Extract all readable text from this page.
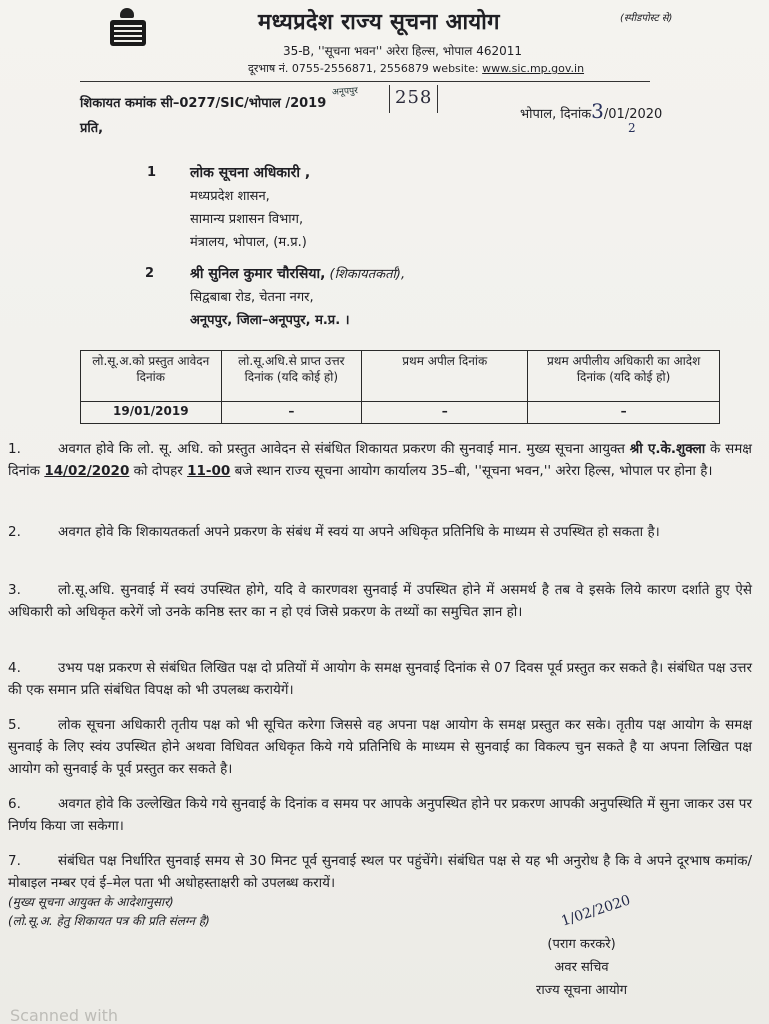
मध्यप्रदेश राज्य सूचना आयोग	(स्पीडपोस्ट से)
35-B, ''सूचना भवन'' अरेरा हिल्स, भोपाल 462011
दूरभाष नं. 0755-2556871, 2556879 website: www.sic.mp.gov.in
शिकायत कमांक सी–0277/SIC/भोपाल /2019
अनूपपुर 258
भोपाल, दिनांक3/01/2020
2
प्रति,
1 लोक सूचना अधिकारी ,
मध्यप्रदेश शासन,
सामान्य प्रशासन विभाग,
मंत्रालय, भोपाल, (म.प्र.)
2	श्री सुनिल कुमार चौरसिया, (शिकायतकर्ता),
सिद्वबाबा रोड, चेतना नगर,
अनूपपुर, जिला–अनूपपुर, म.प्र. ।
लो.सू.अ.को प्रस्तुत आवेदन दिनांक	लो.सू.अधि.से प्राप्त उत्तर दिनांक (यदि कोई हो)	प्रथम अपील दिनांक	प्रथम अपीलीय अधिकारी का आदेश दिनांक (यदि कोई हो)
19/01/2019	–	–	–
1.	अवगत होवे कि लो. सू. अधि. को प्रस्तुत आवेदन से संबंधित शिकायत प्रकरण की सुनवाई मान. मुख्य सूचना आयुक्त श्री ए.के.शुक्ला के समक्ष दिनांक 14/02/2020 को दोपहर 11-00 बजे स्थान राज्य सूचना आयोग कार्यालय 35–बी, ''सूचना भवन,'' अरेरा हिल्स, भोपाल पर होना है।
2.	अवगत होवे कि शिकायतकर्ता अपने प्रकरण के संबंध में स्वयं या अपने अधिकृत प्रतिनिधि के माध्यम से उपस्थित हो सकता है।
3.	लो.सू.अधि. सुनवाई में स्वयं उपस्थित होगे, यदि वे कारणवश सुनवाई में उपस्थित होने में असमर्थ है तब वे इसके लिये कारण दर्शाते हुए ऐसे अधिकारी को अधिकृत करेगें जो उनके कनिष्ठ स्तर का न हो एवं जिसे प्रकरण के तथ्यों का समुचित ज्ञान हो।
4.	उभय पक्ष प्रकरण से संबंधित लिखित पक्ष दो प्रतियों में आयोग के समक्ष सुनवाई दिनांक से 07 दिवस पूर्व प्रस्तुत कर सकते है। संबंधित पक्ष उत्तर की एक समान प्रति संबंधित विपक्ष को भी उपलब्ध करायेगें।
5.	लोक सूचना अधिकारी तृतीय पक्ष को भी सूचित करेगा जिससे वह अपना पक्ष आयोग के समक्ष प्रस्तुत कर सके। तृतीय पक्ष आयोग के समक्ष सुनवाई के लिए स्वंय उपस्थित होने अथवा विधिवत अधिकृत किये गये प्रतिनिधि के माध्यम से सुनवाई का विकल्प चुन सकते है या अपना लिखित पक्ष आयोग को सुनवाई के पूर्व प्रस्तुत कर सकते है।
6.	अवगत होवे कि उल्लेखित किये गये सुनवाई के दिनांक व समय पर आपके अनुपस्थित होने पर प्रकरण आपकी अनुपस्थिति में सुना जाकर उस पर निर्णय किया जा सकेगा।
7.	संबंधित पक्ष निर्धारित सुनवाई समय से 30 मिनट पूर्व सुनवाई स्थल पर पहुंचेंगे। संबंधित पक्ष से यह भी अनुरोध है कि वे अपने दूरभाष कमांक/मोबाइल नम्बर एवं ई–मेल पता भी अधोहस्ताक्षरी को उपलब्ध करायें।
(मुख्य सूचना आयुक्त के आदेशानुसार)
(लो.सू.अ. हेतु शिकायत पत्र की प्रति संलग्न है)	1/02/2020
(पराग करकरे)
अवर सचिव
राज्य सूचना आयोग
Scanned with
